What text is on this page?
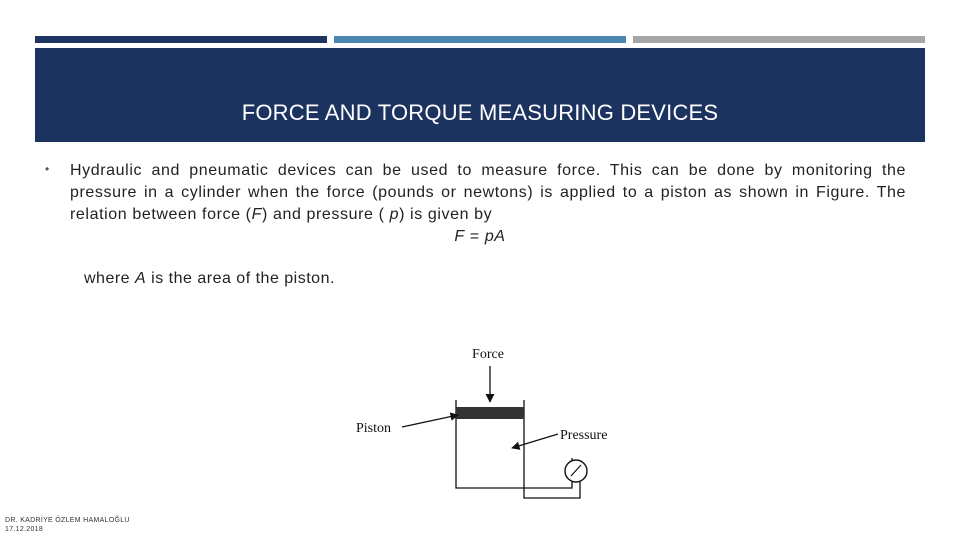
FORCE AND TORQUE MEASURING DEVICES
• Hydraulic and pneumatic devices can be used to measure force. This can be done by monitoring the pressure in a cylinder when the force (pounds or newtons) is applied to a piston as shown in Figure. The relation between force (F) and pressure ( p) is given by
F = pA
where A is the area of the piston.
Force
Piston	Pressure
DR. KADRİYE ÖZLEM HAMALOĞLU
17.12.2018
